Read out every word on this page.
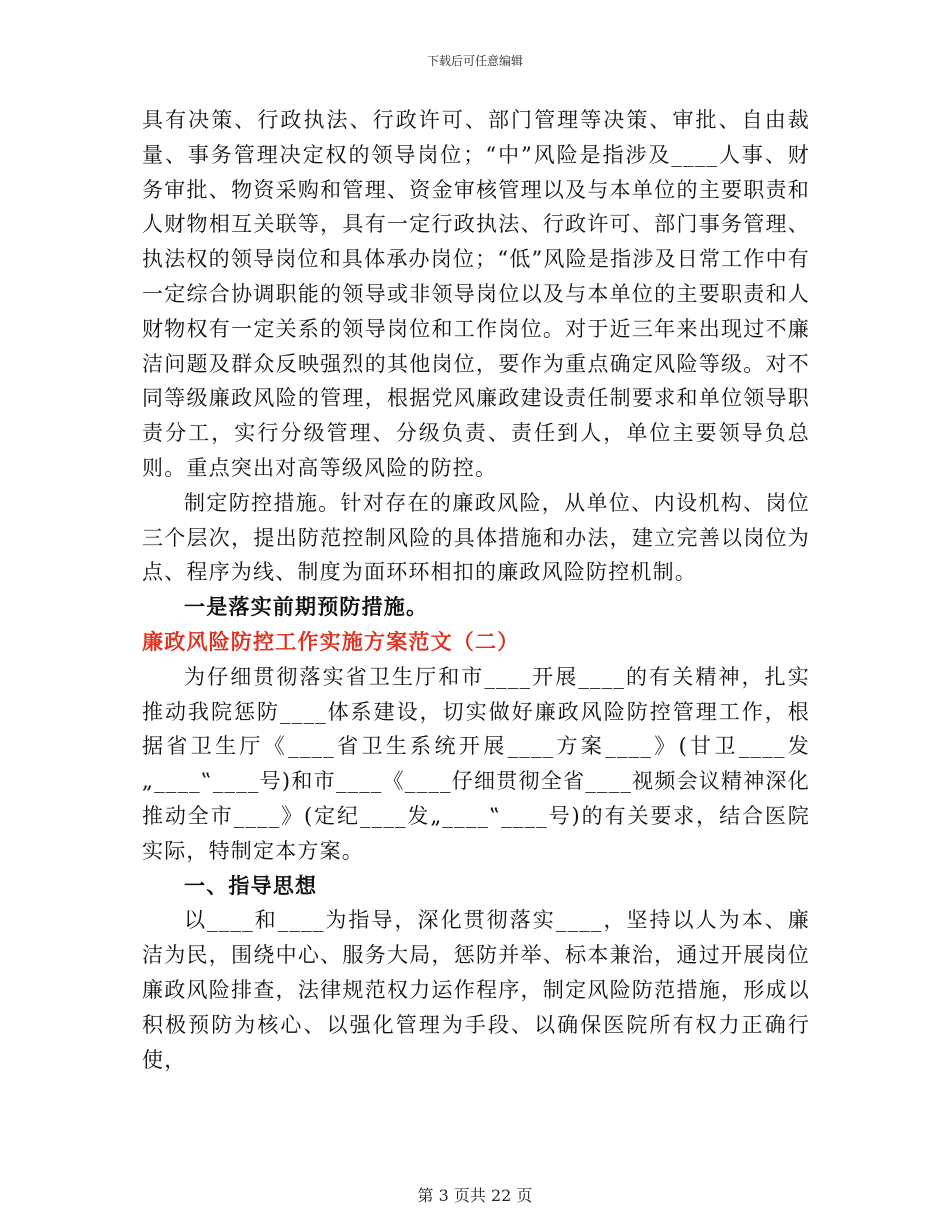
下载后可任意编辑

具有决策、行政执法、行政许可、部门管理等决策、审批、自由裁量、事务管理决定权的领导岗位；“中”风险是指涉及____人事、财务审批、物资采购和管理、资金审核管理以及与本单位的主要职责和人财物相互关联等，具有一定行政执法、行政许可、部门事务管理、执法权的领导岗位和具体承办岗位；“低”风险是指涉及日常工作中有一定综合协调职能的领导或非领导岗位以及与本单位的主要职责和人财物权有一定关系的领导岗位和工作岗位。对于近三年来出现过不廉洁问题及群众反映强烈的其他岗位，要作为重点确定风险等级。对不同等级廉政风险的管理，根据党风廉政建设责任制要求和单位领导职责分工，实行分级管理、分级负责、责任到人，单位主要领导负总则。重点突出对高等级风险的防控。

制定防控措施。针对存在的廉政风险，从单位、内设机构、岗位三个层次，提出防范控制风险的具体措施和办法，建立完善以岗位为点、程序为线、制度为面环环相扣的廉政风险防控机制。

一是落实前期预防措施。

廉政风险防控工作实施方案范文（二）

为仔细贯彻落实省卫生厅和市____开展____的有关精神，扎实推动我院惩防____体系建设，切实做好廉政风险防控管理工作，根据省卫生厅《____省卫生系统开展____方案____》(甘卫____发„____‟____号)和市____《____仔细贯彻全省____视频会议精神深化推动全市____》(定纪____发„____‟____号)的有关要求，结合医院实际，特制定本方案。

一、指导思想

以____和____为指导，深化贯彻落实____，坚持以人为本、廉洁为民，围绕中心、服务大局，惩防并举、标本兼治，通过开展岗位廉政风险排查，法律规范权力运作程序，制定风险防范措施，形成以积极预防为核心、以强化管理为手段、以确保医院所有权力正确行使，

第 3 页共 22 页
